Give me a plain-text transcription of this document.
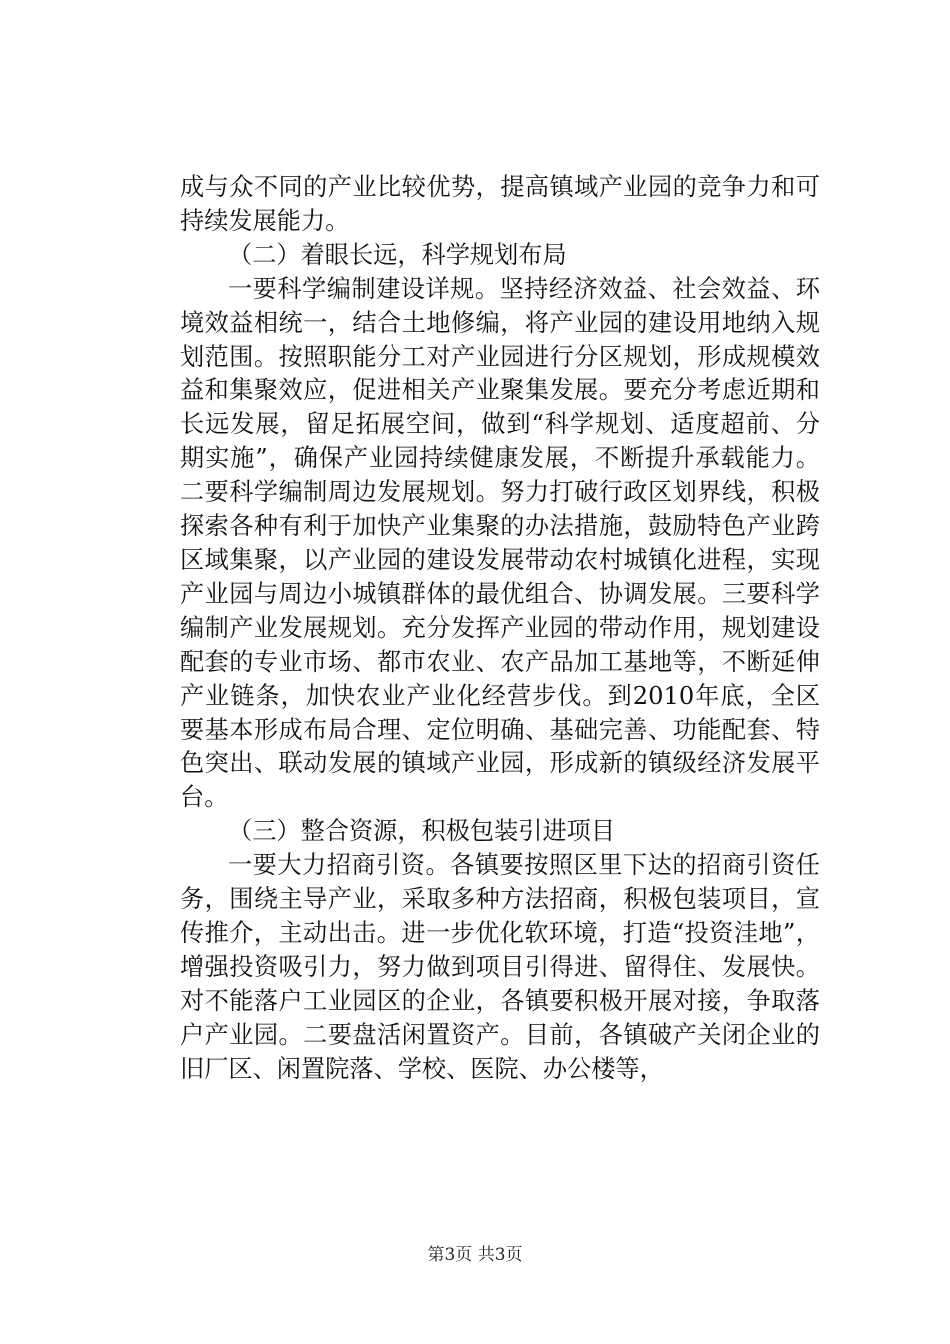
成与众不同的产业比较优势，提高镇域产业园的竞争力和可持续发展能力。

（二）着眼长远，科学规划布局

一要科学编制建设详规。坚持经济效益、社会效益、环境效益相统一，结合土地修编，将产业园的建设用地纳入规划范围。按照职能分工对产业园进行分区规划，形成规模效益和集聚效应，促进相关产业聚集发展。要充分考虑近期和长远发展，留足拓展空间，做到“科学规划、适度超前、分期实施”，确保产业园持续健康发展，不断提升承载能力。二要科学编制周边发展规划。努力打破行政区划界线，积极探索各种有利于加快产业集聚的办法措施，鼓励特色产业跨区域集聚，以产业园的建设发展带动农村城镇化进程，实现产业园与周边小城镇群体的最优组合、协调发展。三要科学编制产业发展规划。充分发挥产业园的带动作用，规划建设配套的专业市场、都市农业、农产品加工基地等，不断延伸产业链条，加快农业产业化经营步伐。到2010年底，全区要基本形成布局合理、定位明确、基础完善、功能配套、特色突出、联动发展的镇域产业园，形成新的镇级经济发展平台。

（三）整合资源，积极包装引进项目

一要大力招商引资。各镇要按照区里下达的招商引资任务，围绕主导产业，采取多种方法招商，积极包装项目，宣传推介，主动出击。进一步优化软环境，打造“投资洼地”，增强投资吸引力，努力做到项目引得进、留得住、发展快。对不能落户工业园区的企业，各镇要积极开展对接，争取落户产业园。二要盘活闲置资产。目前，各镇破产关闭企业的旧厂区、闲置院落、学校、医院、办公楼等，

第3页 共3页
